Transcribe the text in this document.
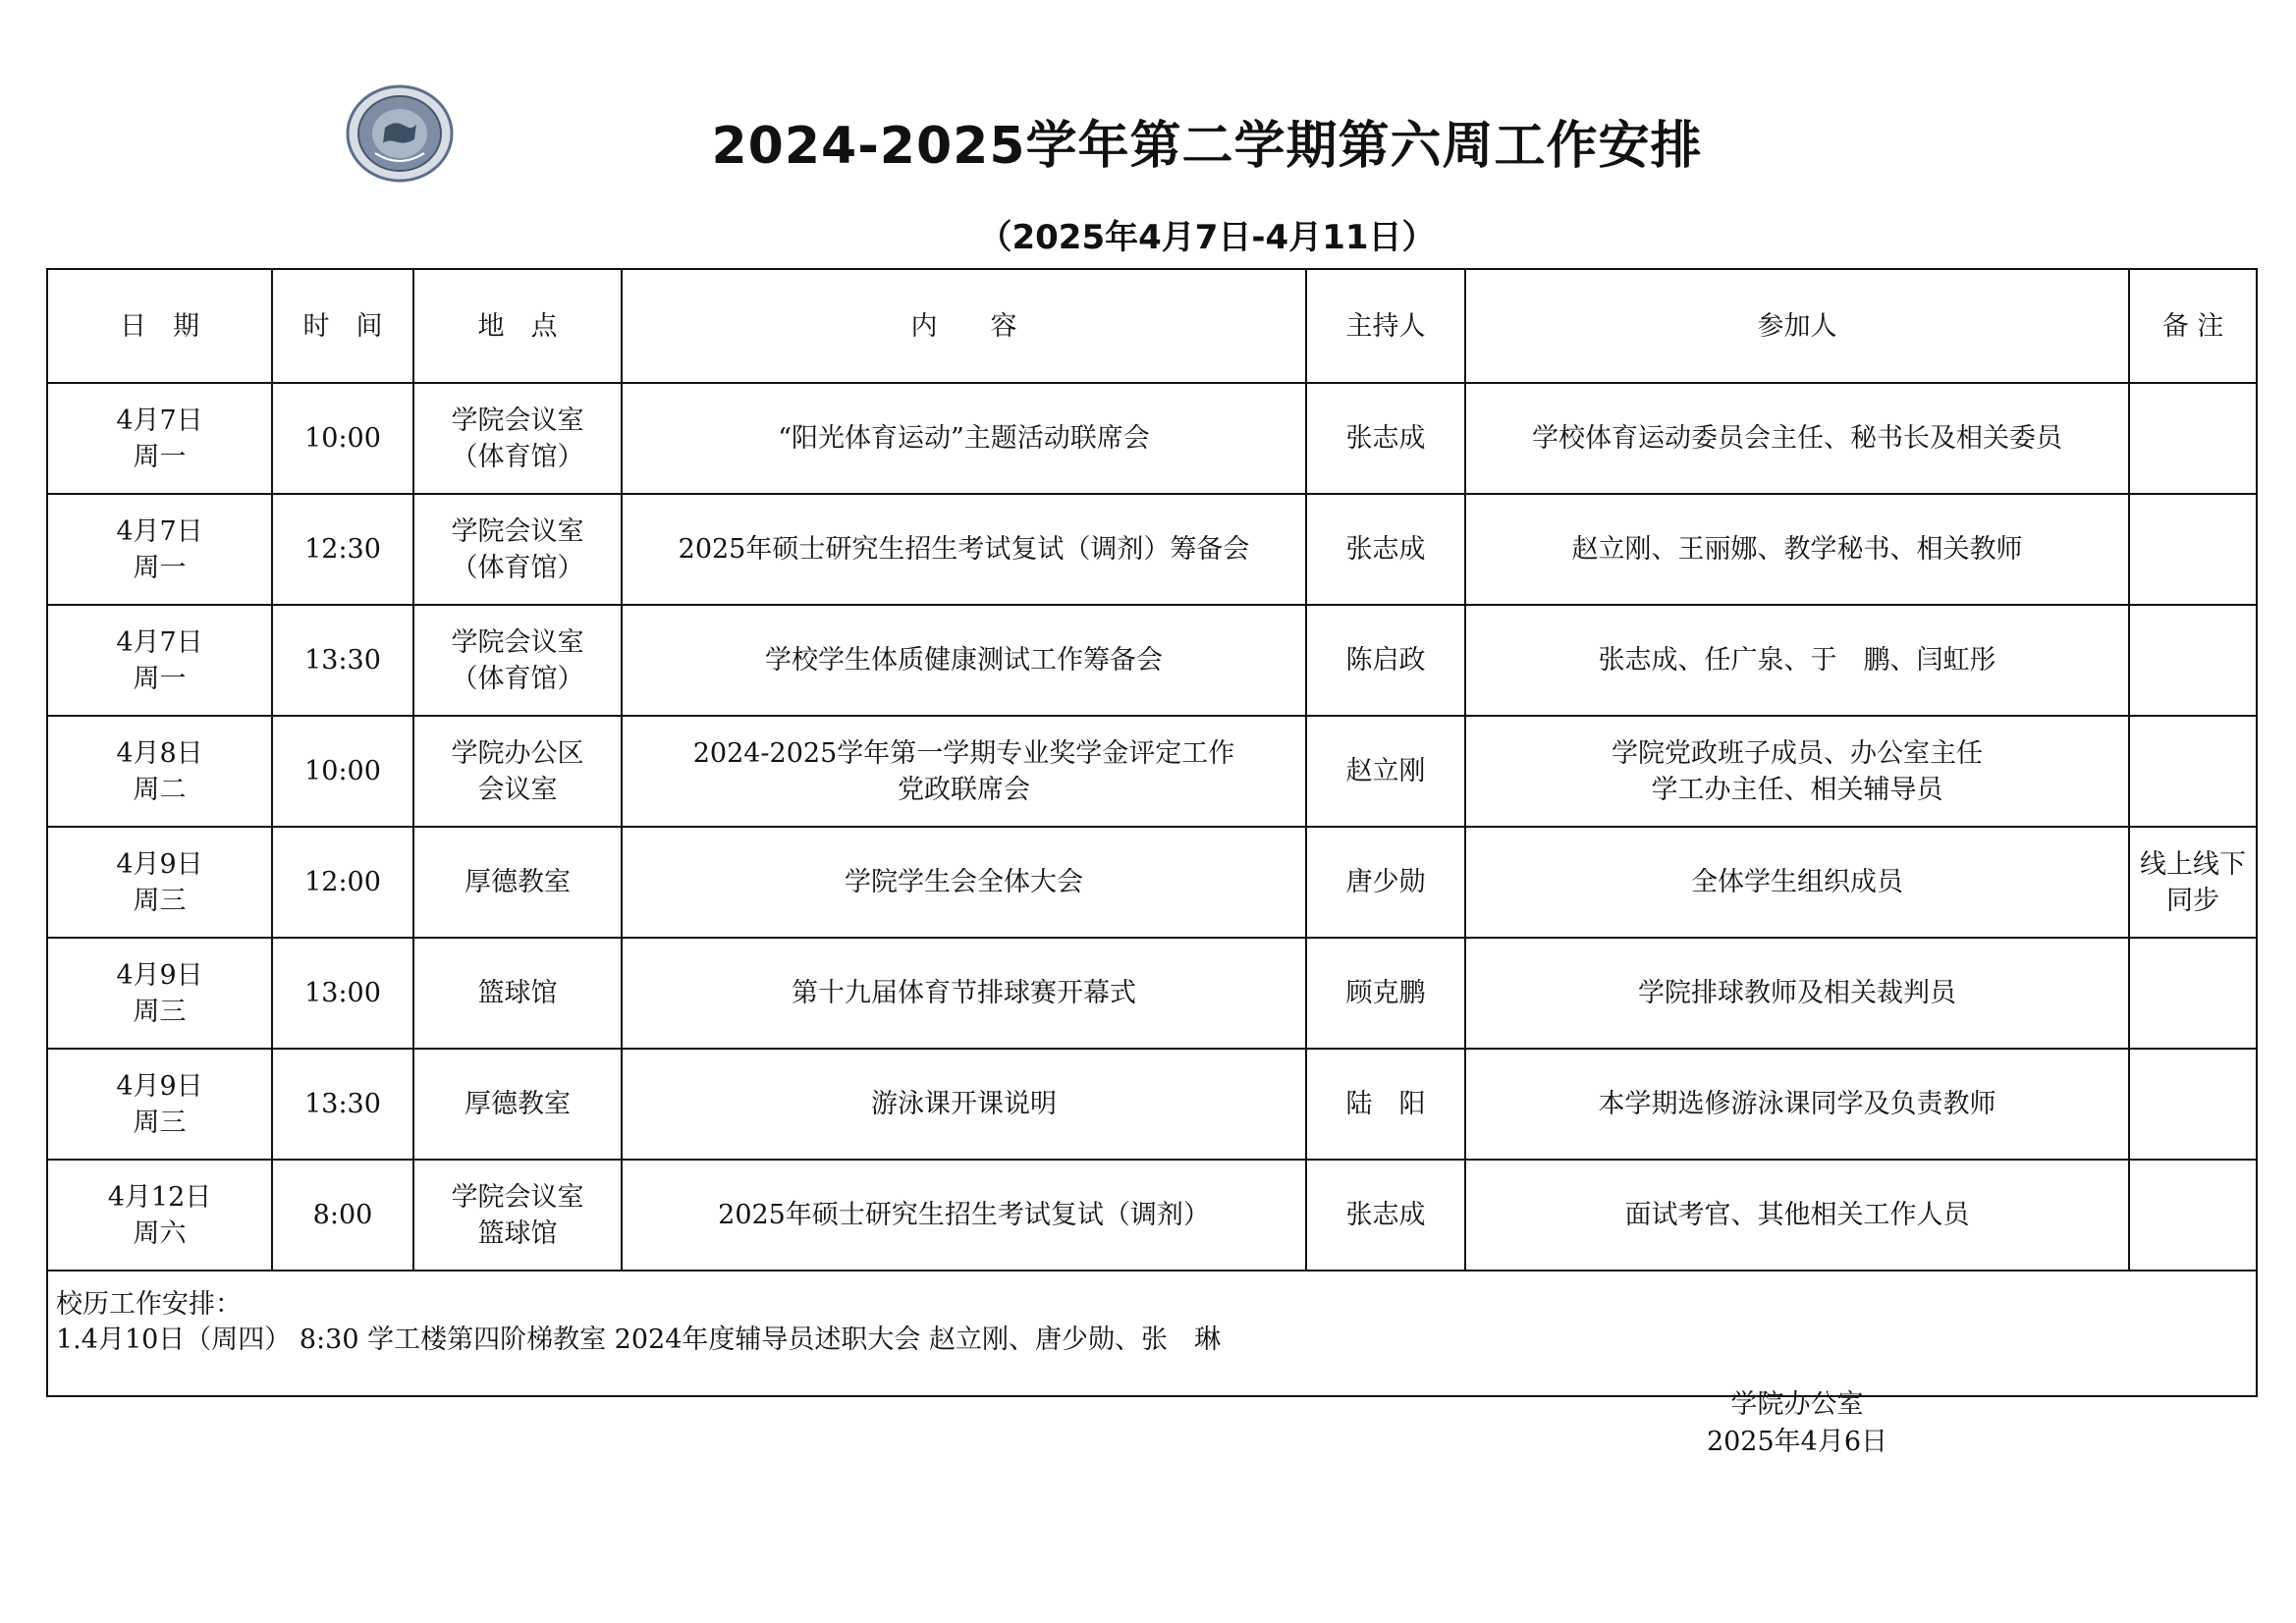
2024-2025学年第二学期第六周工作安排
（2025年4月7日-4月11日）
日　期	时　间	地　点	内　　容	主持人	参加人	备 注

4月7日
周一	10:00	学院会议室
（体育馆）	“阳光体育运动”主题活动联席会	张志成	学校体育运动委员会主任、秘书长及相关委员	

4月7日
周一	12:30	学院会议室
（体育馆）	2025年硕士研究生招生考试复试（调剂）筹备会	张志成	赵立刚、王丽娜、教学秘书、相关教师	

4月7日
周一	13:30	学院会议室
（体育馆）	学校学生体质健康测试工作筹备会	陈启政	张志成、任广泉、于　鹏、闫虹彤	

4月8日
周二	10:00	学院办公区
会议室	2024-2025学年第一学期专业奖学金评定工作
党政联席会	赵立刚	学院党政班子成员、办公室主任
学工办主任、相关辅导员	

4月9日
周三	12:00	厚德教室	学院学生会全体大会	唐少勋	全体学生组织成员	线上线下
同步

4月9日
周三	13:00	篮球馆	第十九届体育节排球赛开幕式	顾克鹏	学院排球教师及相关裁判员	

4月9日
周三	13:30	厚德教室	游泳课开课说明	陆　阳	本学期选修游泳课同学及负责教师	

4月12日
周六	8:00	学院会议室
篮球馆	2025年硕士研究生招生考试复试（调剂）	张志成	面试考官、其他相关工作人员	

校历工作安排：
1.4月10日（周四） 8:30 学工楼第四阶梯教室 2024年度辅导员述职大会 赵立刚、唐少勋、张　琳						
学院办公室
2025年4月6日
